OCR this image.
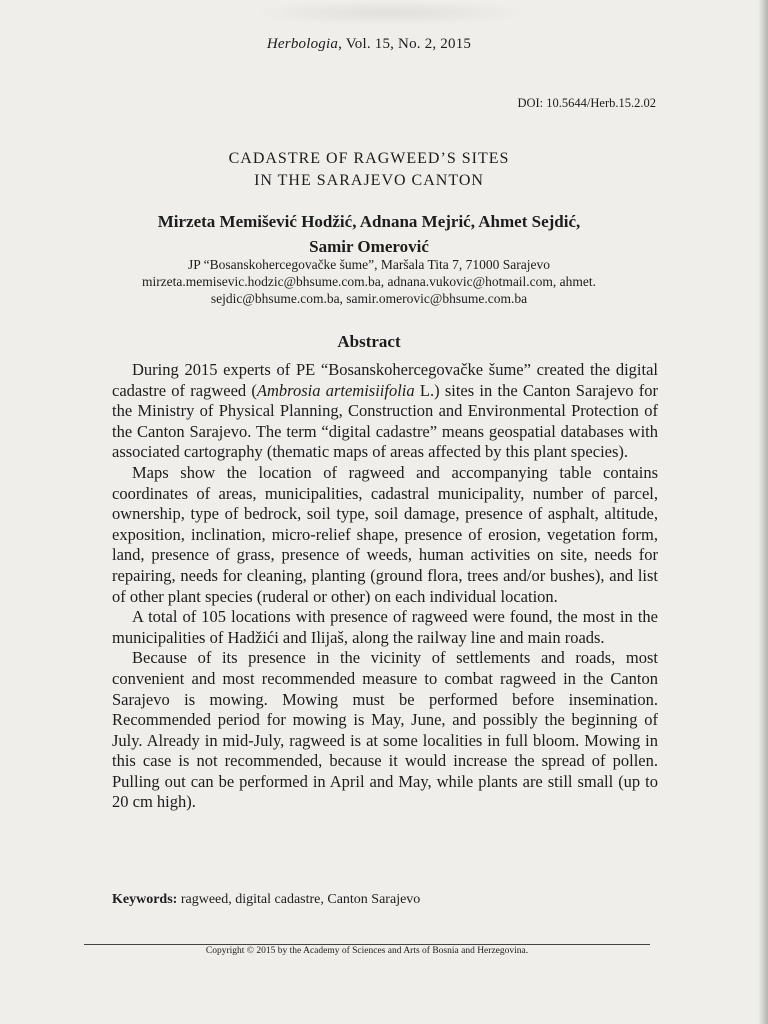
Herbologia, Vol. 15, No. 2, 2015
DOI: 10.5644/Herb.15.2.02
CADASTRE OF RAGWEED’S SITES
IN THE SARAJEVO CANTON
Mirzeta Memišević Hodžić, Adnana Mejrić, Ahmet Sejdić,
Samir Omerović
JP “Bosanskohercegovačke šume”, Maršala Tita 7, 71000 Sarajevo
mirzeta.memisevic.hodzic@bhsume.com.ba, adnana.vukovic@hotmail.com, ahmet.
sejdic@bhsume.com.ba, samir.omerovic@bhsume.com.ba
Abstract

During 2015 experts of PE “Bosanskohercegovačke šume” created the digital cadastre of ragweed (Ambrosia artemisiifolia L.) sites in the Canton Sarajevo for the Ministry of Physical Planning, Construction and Environmental Protection of the Canton Sarajevo. The term “digital cadastre” means geospatial databases with associated cartography (thematic maps of areas affected by this plant species).

Maps show the location of ragweed and accompanying table contains coordinates of areas, municipalities, cadastral municipality, number of parcel, ownership, type of bedrock, soil type, soil damage, presence of asphalt, altitude, exposition, inclination, micro-relief shape, presence of erosion, vegetation form, land, presence of grass, presence of weeds, human activities on site, needs for repairing, needs for cleaning, planting (ground flora, trees and/or bushes), and list of other plant species (ruderal or other) on each individual location.

A total of 105 locations with presence of ragweed were found, the most in the municipalities of Hadžići and Ilijaš, along the railway line and main roads.

Because of its presence in the vicinity of settlements and roads, most convenient and most recommended measure to combat ragweed in the Canton Sarajevo is mowing. Mowing must be performed before insemination. Recommended period for mowing is May, June, and possibly the beginning of July. Already in mid-July, ragweed is at some localities in full bloom. Mowing in this case is not recommended, because it would increase the spread of pollen. Pulling out can be performed in April and May, while plants are still small (up to 20 cm high).

Keywords: ragweed, digital cadastre, Canton Sarajevo
Copyright © 2015 by the Academy of Sciences and Arts of Bosnia and Herzegovina.
